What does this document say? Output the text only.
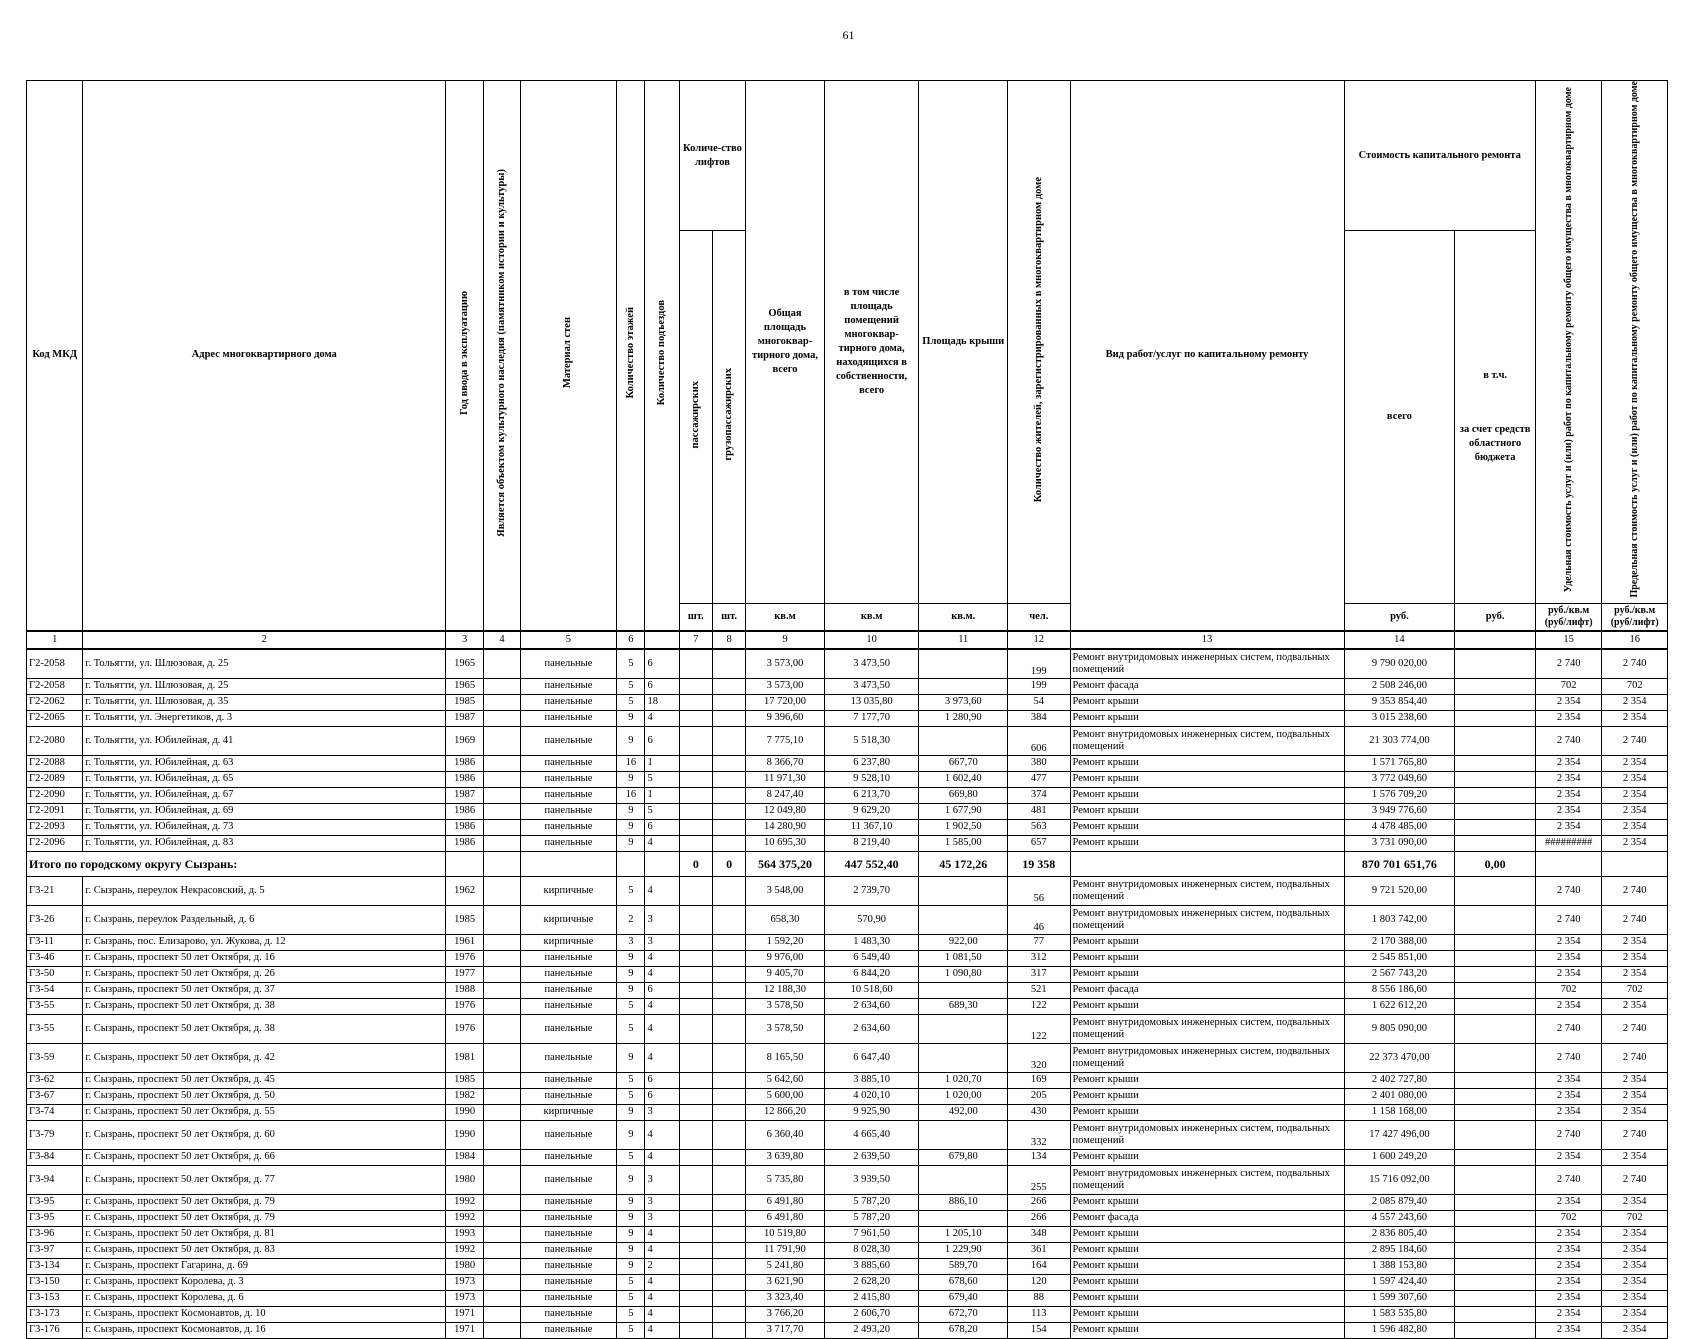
61
Код МКД	Адрес многоквартирного дома	Год ввода в эксплуатацию	Является объектом культурного наследия (памятником истории и культуры)	Материал стен	Количество этажей	Количество подъездов	Количе-ство лифтов		Общая площадь многоквар-тирного дома, всего	в том числе площадь помещений многоквар-тирного дома, находящихся в собственности, всего	Площадь крыши	Количество жителей, зарегистрированных в многоквартирном доме	Вид работ/услуг по капитальному ремонту	Стоимость капитального ремонта		Удельная стоимость услуг и (или) работ по капитальному ремонту общего имущества в многоквартирном доме	Предельная стоимость услуг и (или) работ по капитальному ремонту общего имущества в многоквартирном доме
							пассажирских	грузопассажирских						всего	в т.ч.
за счет средств областного бюджета		

							шт.	шт.	кв.м	кв.м	кв.м.	чел.		руб.	руб.	руб./кв.м (руб/лифт)	руб./кв.м (руб/лифт)
1	2	3	4	5	6		7	8	9	10	11	12	13	14		15	16
Г2-2058	г. Тольятти, ул. Шлюзовая, д. 25	1965		панельные	5	6			3 573,00	3 473,50		199	Ремонт внутридомовых инженерных систем, подвальных помещений	9 790 020,00		2 740	2 740
Г2-2058	г. Тольятти, ул. Шлюзовая, д. 25	1965		панельные	5	6			3 573,00	3 473,50		199	Ремонт фасада	2 508 246,00		702	702
Г2-2062	г. Тольятти, ул. Шлюзовая, д. 35	1985		панельные	5	18			17 720,00	13 035,80	3 973,60	54	Ремонт крыши	9 353 854,40		2 354	2 354
Г2-2065	г. Тольятти, ул. Энергетиков, д. 3	1987		панельные	9	4			9 396,60	7 177,70	1 280,90	384	Ремонт крыши	3 015 238,60		2 354	2 354
Г2-2080	г. Тольятти, ул. Юбилейная, д. 41	1969		панельные	9	6			7 775,10	5 518,30		606	Ремонт внутридомовых инженерных систем, подвальных помещений	21 303 774,00		2 740	2 740
Г2-2088	г. Тольятти, ул. Юбилейная, д. 63	1986		панельные	16	1			8 366,70	6 237,80	667,70	380	Ремонт крыши	1 571 765,80		2 354	2 354
Г2-2089	г. Тольятти, ул. Юбилейная, д. 65	1986		панельные	9	5			11 971,30	9 528,10	1 602,40	477	Ремонт крыши	3 772 049,60		2 354	2 354
Г2-2090	г. Тольятти, ул. Юбилейная, д. 67	1987		панельные	16	1			8 247,40	6 213,70	669,80	374	Ремонт крыши	1 576 709,20		2 354	2 354
Г2-2091	г. Тольятти, ул. Юбилейная, д. 69	1986		панельные	9	5			12 049,80	9 629,20	1 677,90	481	Ремонт крыши	3 949 776,60		2 354	2 354
Г2-2093	г. Тольятти, ул. Юбилейная, д. 73	1986		панельные	9	6			14 280,90	11 367,10	1 902,50	563	Ремонт крыши	4 478 485,00		2 354	2 354
Г2-2096	г. Тольятти, ул. Юбилейная, д. 83	1986		панельные	9	4			10 695,30	8 219,40	1 585,00	657	Ремонт крыши	3 731 090,00		#########	2 354
Итого по городскому округу Сызрань:							0	0	564 375,20	447 552,40	45 172,26	19 358		870 701 651,76	0,00		
Г3-21	г. Сызрань, переулок Некрасовский, д. 5	1962		кирпичные	5	4			3 548,00	2 739,70		56	Ремонт внутридомовых инженерных систем, подвальных помещений	9 721 520,00		2 740	2 740
Г3-26	г. Сызрань, переулок Раздельный, д. 6	1985		кирпичные	2	3			658,30	570,90		46	Ремонт внутридомовых инженерных систем, подвальных помещений	1 803 742,00		2 740	2 740
Г3-11	г. Сызрань, пос. Елизарово, ул. Жукова, д. 12	1961		кирпичные	3	3			1 592,20	1 483,30	922,00	77	Ремонт крыши	2 170 388,00		2 354	2 354
Г3-46	г. Сызрань, проспект 50 лет Октября, д. 16	1976		панельные	9	4			9 976,00	6 549,40	1 081,50	312	Ремонт крыши	2 545 851,00		2 354	2 354
Г3-50	г. Сызрань, проспект 50 лет Октября, д. 26	1977		панельные	9	4			9 405,70	6 844,20	1 090,80	317	Ремонт крыши	2 567 743,20		2 354	2 354
Г3-54	г. Сызрань, проспект 50 лет Октября, д. 37	1988		панельные	9	6			12 188,30	10 518,60		521	Ремонт фасада	8 556 186,60		702	702
Г3-55	г. Сызрань, проспект 50 лет Октября, д. 38	1976		панельные	5	4			3 578,50	2 634,60	689,30	122	Ремонт крыши	1 622 612,20		2 354	2 354
Г3-55	г. Сызрань, проспект 50 лет Октября, д. 38	1976		панельные	5	4			3 578,50	2 634,60		122	Ремонт внутридомовых инженерных систем, подвальных помещений	9 805 090,00		2 740	2 740
Г3-59	г. Сызрань, проспект 50 лет Октября, д. 42	1981		панельные	9	4			8 165,50	6 647,40		320	Ремонт внутридомовых инженерных систем, подвальных помещений	22 373 470,00		2 740	2 740
Г3-62	г. Сызрань, проспект 50 лет Октября, д. 45	1985		панельные	5	6			5 642,60	3 885,10	1 020,70	169	Ремонт крыши	2 402 727,80		2 354	2 354
Г3-67	г. Сызрань, проспект 50 лет Октября, д. 50	1982		панельные	5	6			5 600,00	4 020,10	1 020,00	205	Ремонт крыши	2 401 080,00		2 354	2 354
Г3-74	г. Сызрань, проспект 50 лет Октября, д. 55	1990		кирпичные	9	3			12 866,20	9 925,90	492,00	430	Ремонт крыши	1 158 168,00		2 354	2 354
Г3-79	г. Сызрань, проспект 50 лет Октября, д. 60	1990		панельные	9	4			6 360,40	4 665,40		332	Ремонт внутридомовых инженерных систем, подвальных помещений	17 427 496,00		2 740	2 740
Г3-84	г. Сызрань, проспект 50 лет Октября, д. 66	1984		панельные	5	4			3 639,80	2 639,50	679,80	134	Ремонт крыши	1 600 249,20		2 354	2 354
Г3-94	г. Сызрань, проспект 50 лет Октября, д. 77	1980		панельные	9	3			5 735,80	3 939,50		255	Ремонт внутридомовых инженерных систем, подвальных помещений	15 716 092,00		2 740	2 740
Г3-95	г. Сызрань, проспект 50 лет Октября, д. 79	1992		панельные	9	3			6 491,80	5 787,20	886,10	266	Ремонт крыши	2 085 879,40		2 354	2 354
Г3-95	г. Сызрань, проспект 50 лет Октября, д. 79	1992		панельные	9	3			6 491,80	5 787,20		266	Ремонт фасада	4 557 243,60		702	702
Г3-96	г. Сызрань, проспект 50 лет Октября, д. 81	1993		панельные	9	4			10 519,80	7 961,50	1 205,10	348	Ремонт крыши	2 836 805,40		2 354	2 354
Г3-97	г. Сызрань, проспект 50 лет Октября, д. 83	1992		панельные	9	4			11 791,90	8 028,30	1 229,90	361	Ремонт крыши	2 895 184,60		2 354	2 354
Г3-134	г. Сызрань, проспект Гагарина, д. 69	1980		панельные	9	2			5 241,80	3 885,60	589,70	164	Ремонт крыши	1 388 153,80		2 354	2 354
Г3-150	г. Сызрань, проспект Королева, д. 3	1973		панельные	5	4			3 621,90	2 628,20	678,60	120	Ремонт крыши	1 597 424,40		2 354	2 354
Г3-153	г. Сызрань, проспект Королева, д. 6	1973		панельные	5	4			3 323,40	2 415,80	679,40	88	Ремонт крыши	1 599 307,60		2 354	2 354
Г3-173	г. Сызрань, проспект Космонавтов, д. 10	1971		панельные	5	4			3 766,20	2 606,70	672,70	113	Ремонт крыши	1 583 535,80		2 354	2 354
Г3-176	г. Сызрань, проспект Космонавтов, д. 16	1971		панельные	5	4			3 717,70	2 493,20	678,20	154	Ремонт крыши	1 596 482,80		2 354	2 354
